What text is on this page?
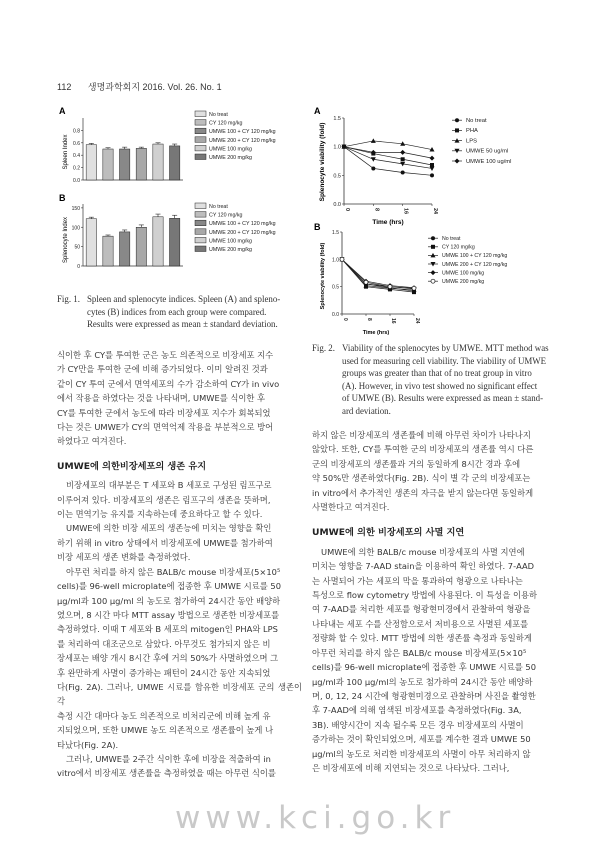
112 생명과학회지 2016. Vol. 26. No. 1
A
B
Spleen Index
Splenocyte Index
0.0
0.2
0.4
0.6
0.8
0
50
100
150
No treat
CY 120 mg/kg
UMWE 100 + CY 120 mg/kg
UMWE 200 + CY 120 mg/kg
UMWE 100 mg/kg
UMWE 200 mg/kg
No treat
CY 120 mg/kg
UMWE 100 + CY 120 mg/kg
UMWE 200 + CY 120 mg/kg
UMWE 100 mg/kg
UMWE 200 mg/kg
Fig. 1. Spleen and splenocyte indices. Spleen (A) and spleno-
cytes (B) indices from each group were compared.
Results were expressed as mean ± standard deviation.
A
B
Splenocyte viability (fold)
Splenocyte viability (fold)
Time (hrs)
Time (hrs)
0.0
0.5
1.0
1.5
0	8	16	24
0.0
0.5
1.0
1.5
0	8	16	24
No treat
PHA
LPS
UMWE 50 ug/ml
UMWE 100 ug/ml
No treat
CY 120 mg/kg
UMWE 100 + CY 120 mg/kg
UMWE 200 + CY 120 mg/kg
UMWE 100 mg/kg
UMWE 200 mg/kg
Fig. 2. Viability of the splenocytes by UMWE. MTT method was
used for measuring cell viability. The viability of UMWE
groups was greater than that of no treat group in vitro
(A). However, in vivo test showed no significant effect
of UMWE (B). Results were expressed as mean ± stand-
ard deviation.
식이한 후 CY를 투여한 군은 농도 의존적으로 비장세포 지수
가 CY만을 투여한 군에 비해 증가되었다. 이미 알려진 것과
같이 CY 투여 군에서 면역세포의 수가 감소하여 CY가 in vivo
에서 작용을 하였다는 것을 나타내며, UMWE를 식이한 후
CY를 투여한 군에서 농도에 따라 비장세포 지수가 회복되었
다는 것은 UMWE가 CY의 면역억제 작용을 부분적으로 방어
하였다고 여겨진다.
UMWE에 의한비장세포의 생존 유지
비장세포의 대부분은 T 세포와 B 세포로 구성된 림프구로
이루어져 있다. 비장세포의 생존은 림프구의 생존을 뜻하며,
이는 면역기능 유지를 지속하는데 중요하다고 할 수 있다.
UMWE에 의한 비장 세포의 생존능에 미치는 영향을 확인
하기 위해 in vitro 상태에서 비장세포에 UMWE를 첨가하여
비장 세포의 생존 변화를 측정하였다.
아무런 처리를 하지 않은 BALB/c mouse 비장세포(5×10⁵
cells)를 96-well microplate에 접종한 후 UMWE 시료를 50
μg/ml과 100 μg/ml 의 농도로 첨가하여 24시간 동안 배양하
였으며, 8 시간 마다 MTT assay 방법으로 생존한 비장세포를
측정하였다. 이때 T 세포와 B 세포의 mitogen인 PHA와 LPS
를 처리하여 대조군으로 삼았다. 아무것도 첨가되지 않은 비
장세포는 배양 개시 8시간 후에 거의 50%가 사멸하였으며 그
후 완만하게 사멸이 증가하는 패턴이 24시간 동안 지속되었
다(Fig. 2A). 그러나, UMWE 시료를 함유한 비장세포 군의 생존이 각
측정 시간 대마다 농도 의존적으로 비처리군에 비해 높게 유
지되었으며, 또한 UMWE 농도 의존적으로 생존률이 높게 나
타났다(Fig. 2A).
그러나, UMWE를 2주간 식이한 후에 비장을 적출하여 in
vitro에서 비장세포 생존률을 측정하였을 때는 아무런 식이를
하지 않은 비장세포의 생존률에 비해 아무런 차이가 나타나지
않았다. 또한, CY를 투여한 군의 비장세포의 생존률 역시 다른
군의 비장세포의 생존률과 거의 동일하게 8시간 경과 후에
약 50%만 생존하였다(Fig. 2B). 식이 별 각 군의 비장세포는
in vitro에서 추가적인 생존의 자극을 받지 않는다면 동일하게
사멸한다고 여겨진다.
UMWE에 의한 비장세포의 사멸 지연
UMWE에 의한 BALB/c mouse 비장세포의 사멸 지연에
미치는 영향을 7-AAD stain을 이용하여 확인 하였다. 7-AAD
는 사멸되어 가는 세포의 막을 통과하여 형광으로 나타나는
특성으로 flow cytometry 방법에 사용된다. 이 특성을 이용하
여 7-AAD를 처리한 세포를 형광현미경에서 관찰하여 형광을
나타내는 세포 수를 산정함으로서 저비용으로 사멸된 세포를
정량화 할 수 있다. MTT 방법에 의한 생존률 측정과 동일하게
아무런 처리를 하지 않은 BALB/c mouse 비장세포(5×10⁵
cells)를 96-well microplate에 접종한 후 UMWE 시료를 50
μg/ml과 100 μg/ml의 농도로 첨가하여 24시간 동안 배양하
며, 0, 12, 24 시간에 형광현미경으로 관찰하며 사진을 촬영한
후 7-AAD에 의해 염색된 비장세포를 측정하였다(Fig. 3A,
3B). 배양시간이 지속 될수록 모든 경우 비장세포의 사멸이
증가하는 것이 확인되었으며, 세포를 계수한 결과 UMWE 50
μg/ml의 농도로 처리한 비장세포의 사멸이 아무 처리하지 않
은 비장세포에 비해 지연되는 것으로 나타났다. 그러나,
www.kci.go.kr
